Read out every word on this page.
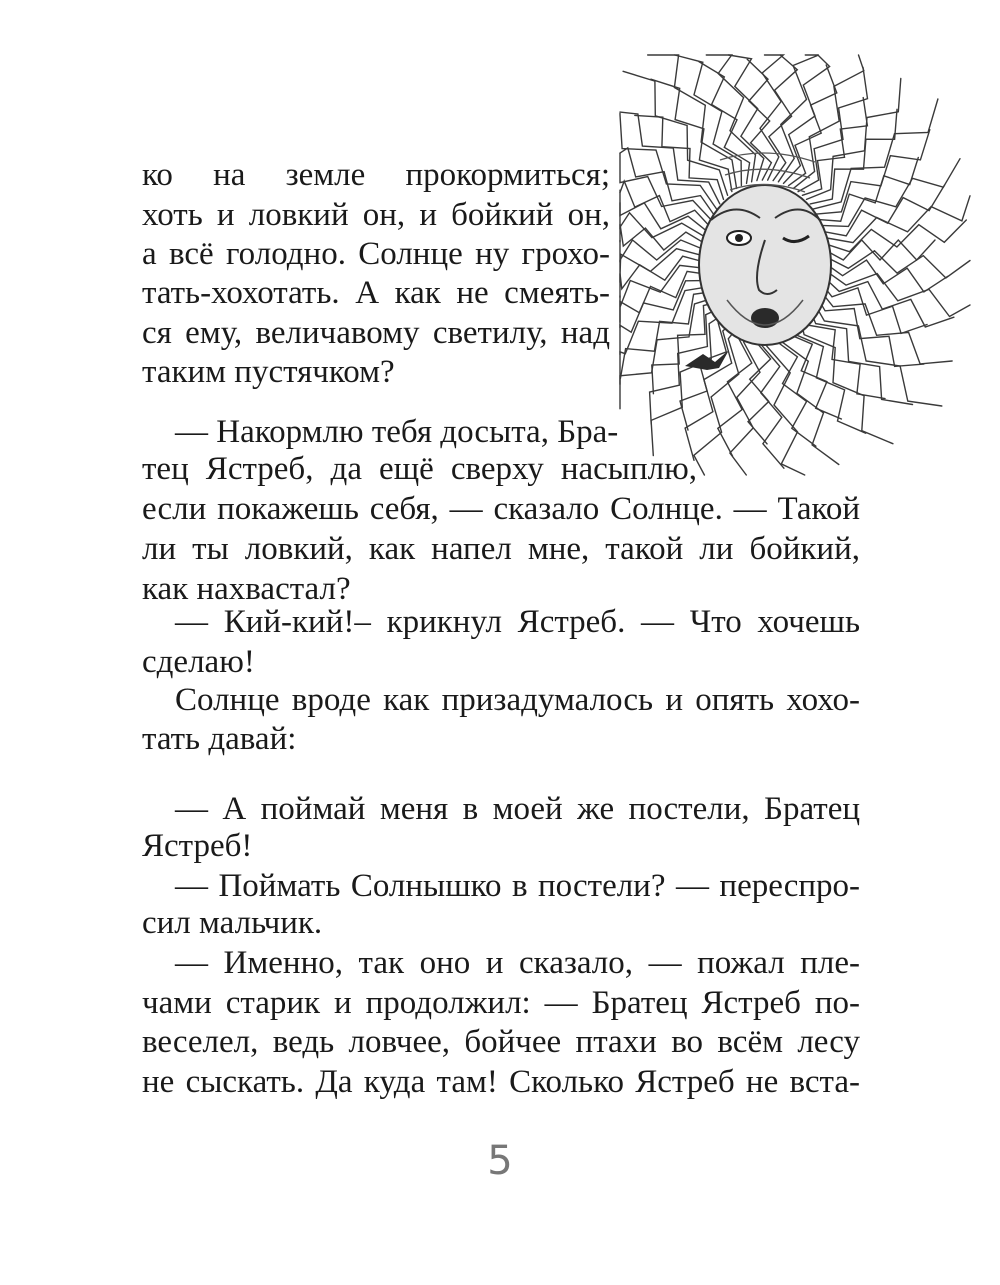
ко на земле прокормиться;
хоть и ловкий он, и бойкий он,
а всё голодно. Солнце ну грохо-
тать-хохотать. А как не смеять-
ся ему, величавому светилу, над
таким пустячком?
— Накормлю тебя досыта, Бра-
тец Ястреб, да ещё сверху насыплю,
если покажешь себя, — сказало Солнце. — Такой
ли ты ловкий, как напел мне, такой ли бойкий,
как нахвастал?
— Кий-кий!– крикнул Ястреб. — Что хочешь
сделаю!
Солнце вроде как призадумалось и опять хохо-
тать давай:
— А поймай меня в моей же постели, Братец
Ястреб!
— Поймать Солнышко в постели? — переспро-
сил мальчик.
— Именно, так оно и сказало, — пожал пле-
чами старик и продолжил: — Братец Ястреб по-
веселел, ведь ловчее, бойчее птахи во всём лесу
не сыскать. Да куда там! Сколько Ястреб не вста-
5
